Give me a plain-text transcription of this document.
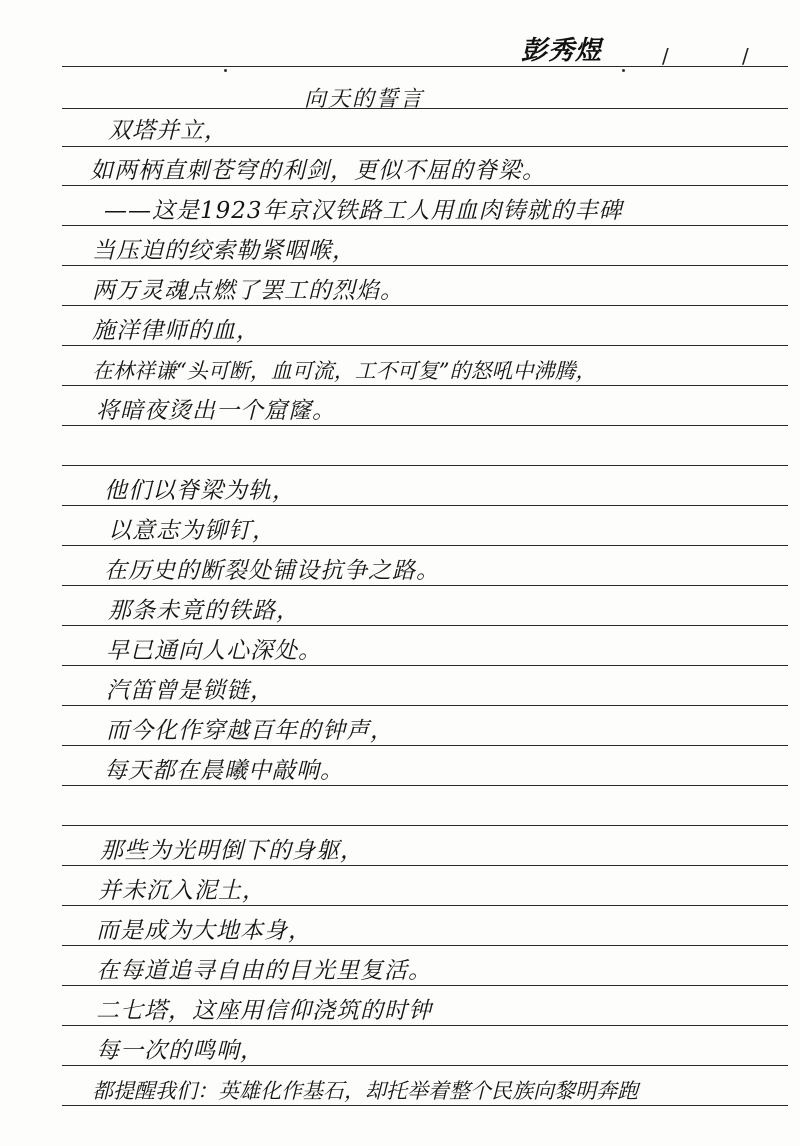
彭秀煜	/	/
向天的誓言
双塔并立，
如两柄直刺苍穹的利剑，更似不屈的脊梁。
——这是1923年京汉铁路工人用血肉铸就的丰碑
当压迫的绞索勒紧咽喉，
两万灵魂点燃了罢工的烈焰。
施洋律师的血，
在林祥谦“头可断，血可流，工不可复”的怒吼中沸腾，
将暗夜烫出一个窟窿。
他们以脊梁为轨，
以意志为铆钉，
在历史的断裂处铺设抗争之路。
那条未竟的铁路，
早已通向人心深处。
汽笛曾是锁链，
而今化作穿越百年的钟声，
每天都在晨曦中敲响。
那些为光明倒下的身躯，
并未沉入泥土，
而是成为大地本身，
在每道追寻自由的目光里复活。
二七塔，这座用信仰浇筑的时钟
每一次的鸣响，
都提醒我们：英雄化作基石，却托举着整个民族向黎明奔跑
